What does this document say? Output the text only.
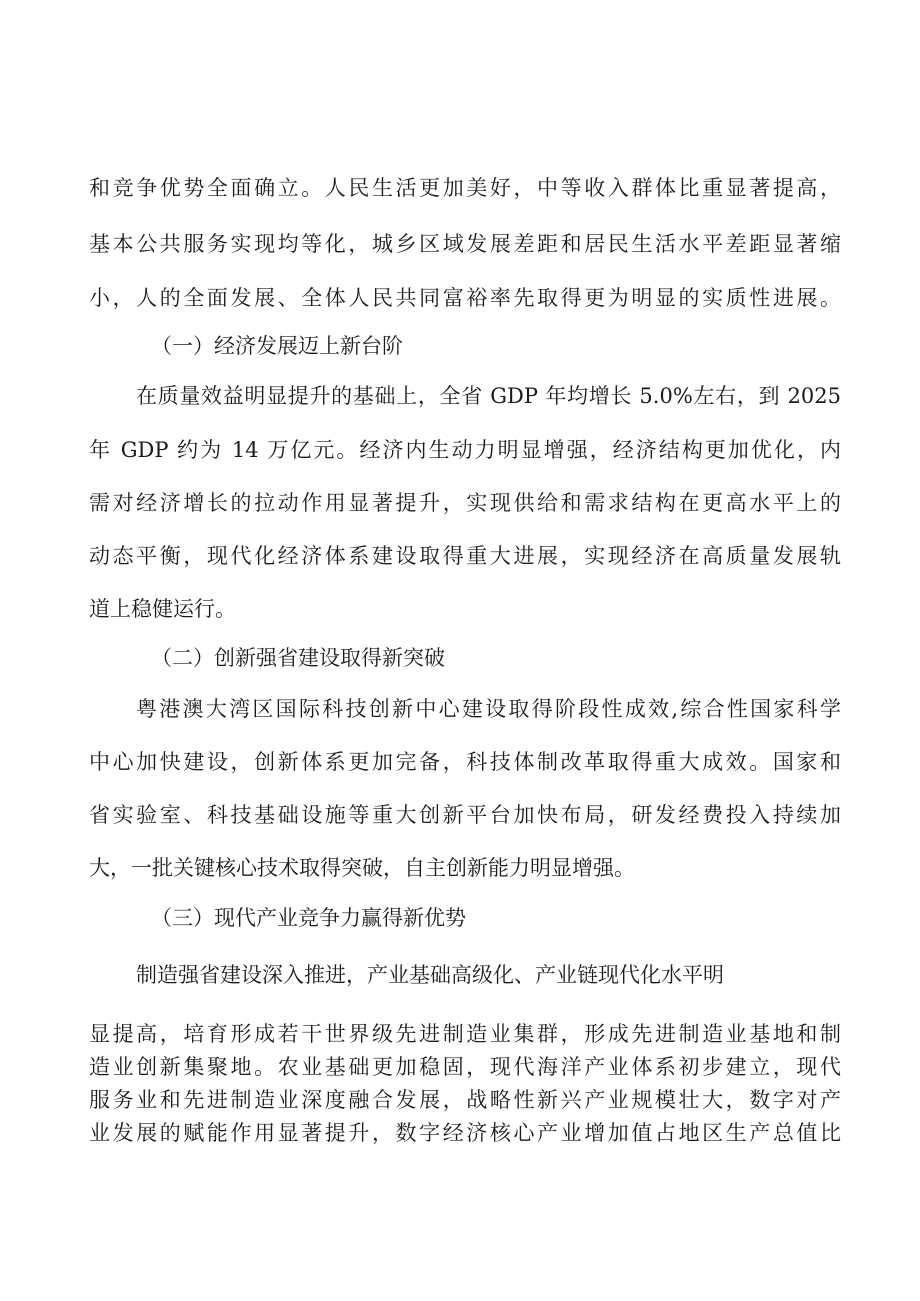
和竞争优势全面确立。人民生活更加美好，中等收入群体比重显著提高，
基本公共服务实现均等化，城乡区域发展差距和居民生活水平差距显著缩
小，人的全面发展、全体人民共同富裕率先取得更为明显的实质性进展。
（一）经济发展迈上新台阶
在质量效益明显提升的基础上，全省 GDP 年均增长 5.0%左右，到 2025
年 GDP 约为 14 万亿元。经济内生动力明显增强，经济结构更加优化，内
需对经济增长的拉动作用显著提升，实现供给和需求结构在更高水平上的
动态平衡，现代化经济体系建设取得重大进展，实现经济在高质量发展轨
道上稳健运行。
（二）创新强省建设取得新突破
粤港澳大湾区国际科技创新中心建设取得阶段性成效,综合性国家科学
中心加快建设，创新体系更加完备，科技体制改革取得重大成效。国家和
省实验室、科技基础设施等重大创新平台加快布局，研发经费投入持续加
大，一批关键核心技术取得突破，自主创新能力明显增强。
（三）现代产业竞争力赢得新优势
制造强省建设深入推进，产业基础高级化、产业链现代化水平明
显提高，培育形成若干世界级先进制造业集群，形成先进制造业基地和制
造业创新集聚地。农业基础更加稳固，现代海洋产业体系初步建立，现代
服务业和先进制造业深度融合发展，战略性新兴产业规模壮大，数字对产
业发展的赋能作用显著提升，数字经济核心产业增加值占地区生产总值比
